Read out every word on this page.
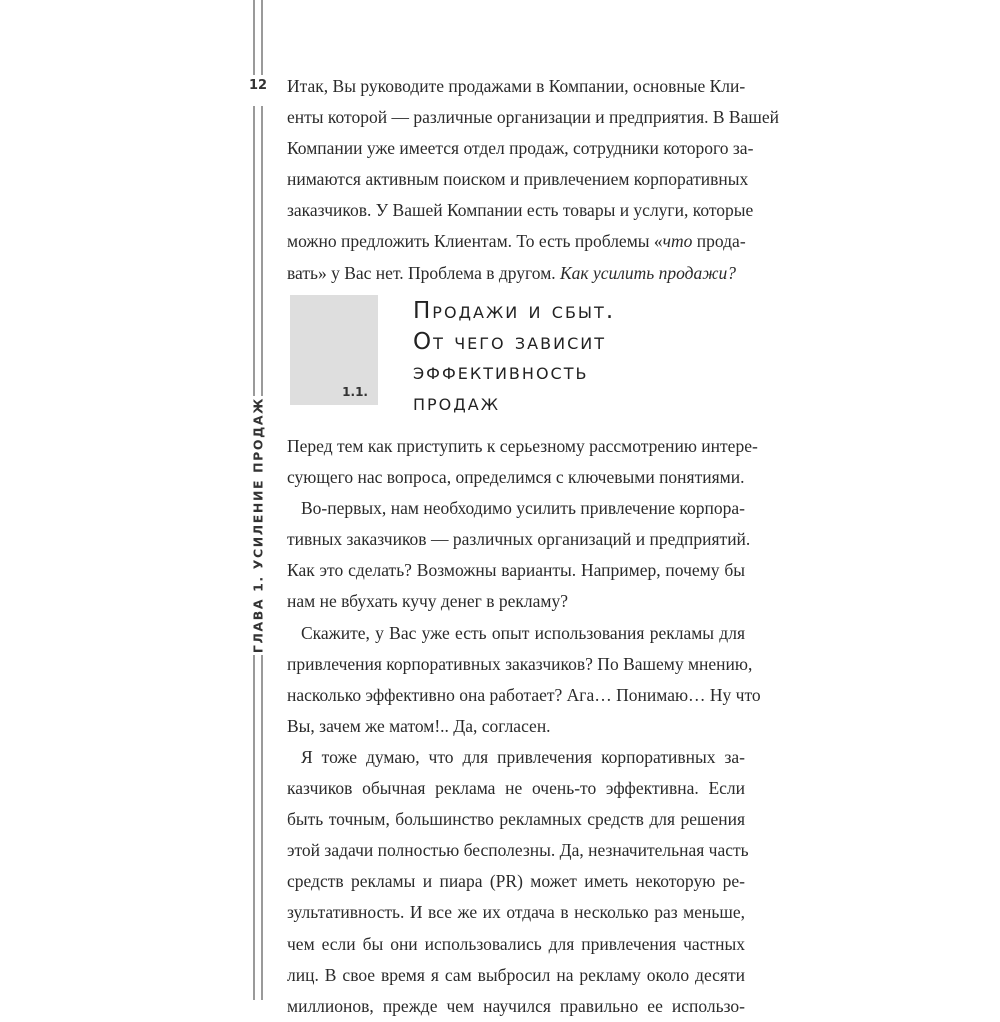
12
ГЛАВА 1. УСИЛЕНИЕ ПРОДАЖ
Итак, Вы руководите продажами в Компании, основные Кли-
енты которой — различные организации и предприятия. В Вашей
Компании уже имеется отдел продаж, сотрудники которого за-
нимаются активным поиском и привлечением корпоративных
заказчиков. У Вашей Компании есть товары и услуги, которые
можно предложить Клиентам. То есть проблемы «что прода-
вать» у Вас нет. Проблема в другом. Как усилить продажи?
1.1.
Продажи и сбыт.
От чего зависит
эффективность
продаж
Перед тем как приступить к серьезному рассмотрению интере-
сующего нас вопроса, определимся с ключевыми понятиями.
Во-первых, нам необходимо усилить привлечение корпора-
тивных заказчиков — различных организаций и предприятий.
Как это сделать? Возможны варианты. Например, почему бы
нам не вбухать кучу денег в рекламу?
Скажите, у Вас уже есть опыт использования рекламы для
привлечения корпоративных заказчиков? По Вашему мнению,
насколько эффективно она работает? Ага… Понимаю… Ну что
Вы, зачем же матом!.. Да, согласен.
Я тоже думаю, что для привлечения корпоративных за-
казчиков обычная реклама не очень-то эффективна. Если
быть точным, большинство рекламных средств для решения
этой задачи полностью бесполезны. Да, незначительная часть
средств рекламы и пиара (PR) может иметь некоторую ре-
зультативность. И все же их отдача в несколько раз меньше,
чем если бы они использовались для привлечения частных
лиц. В свое время я сам выбросил на рекламу около десяти
миллионов, прежде чем научился правильно ее использо-
